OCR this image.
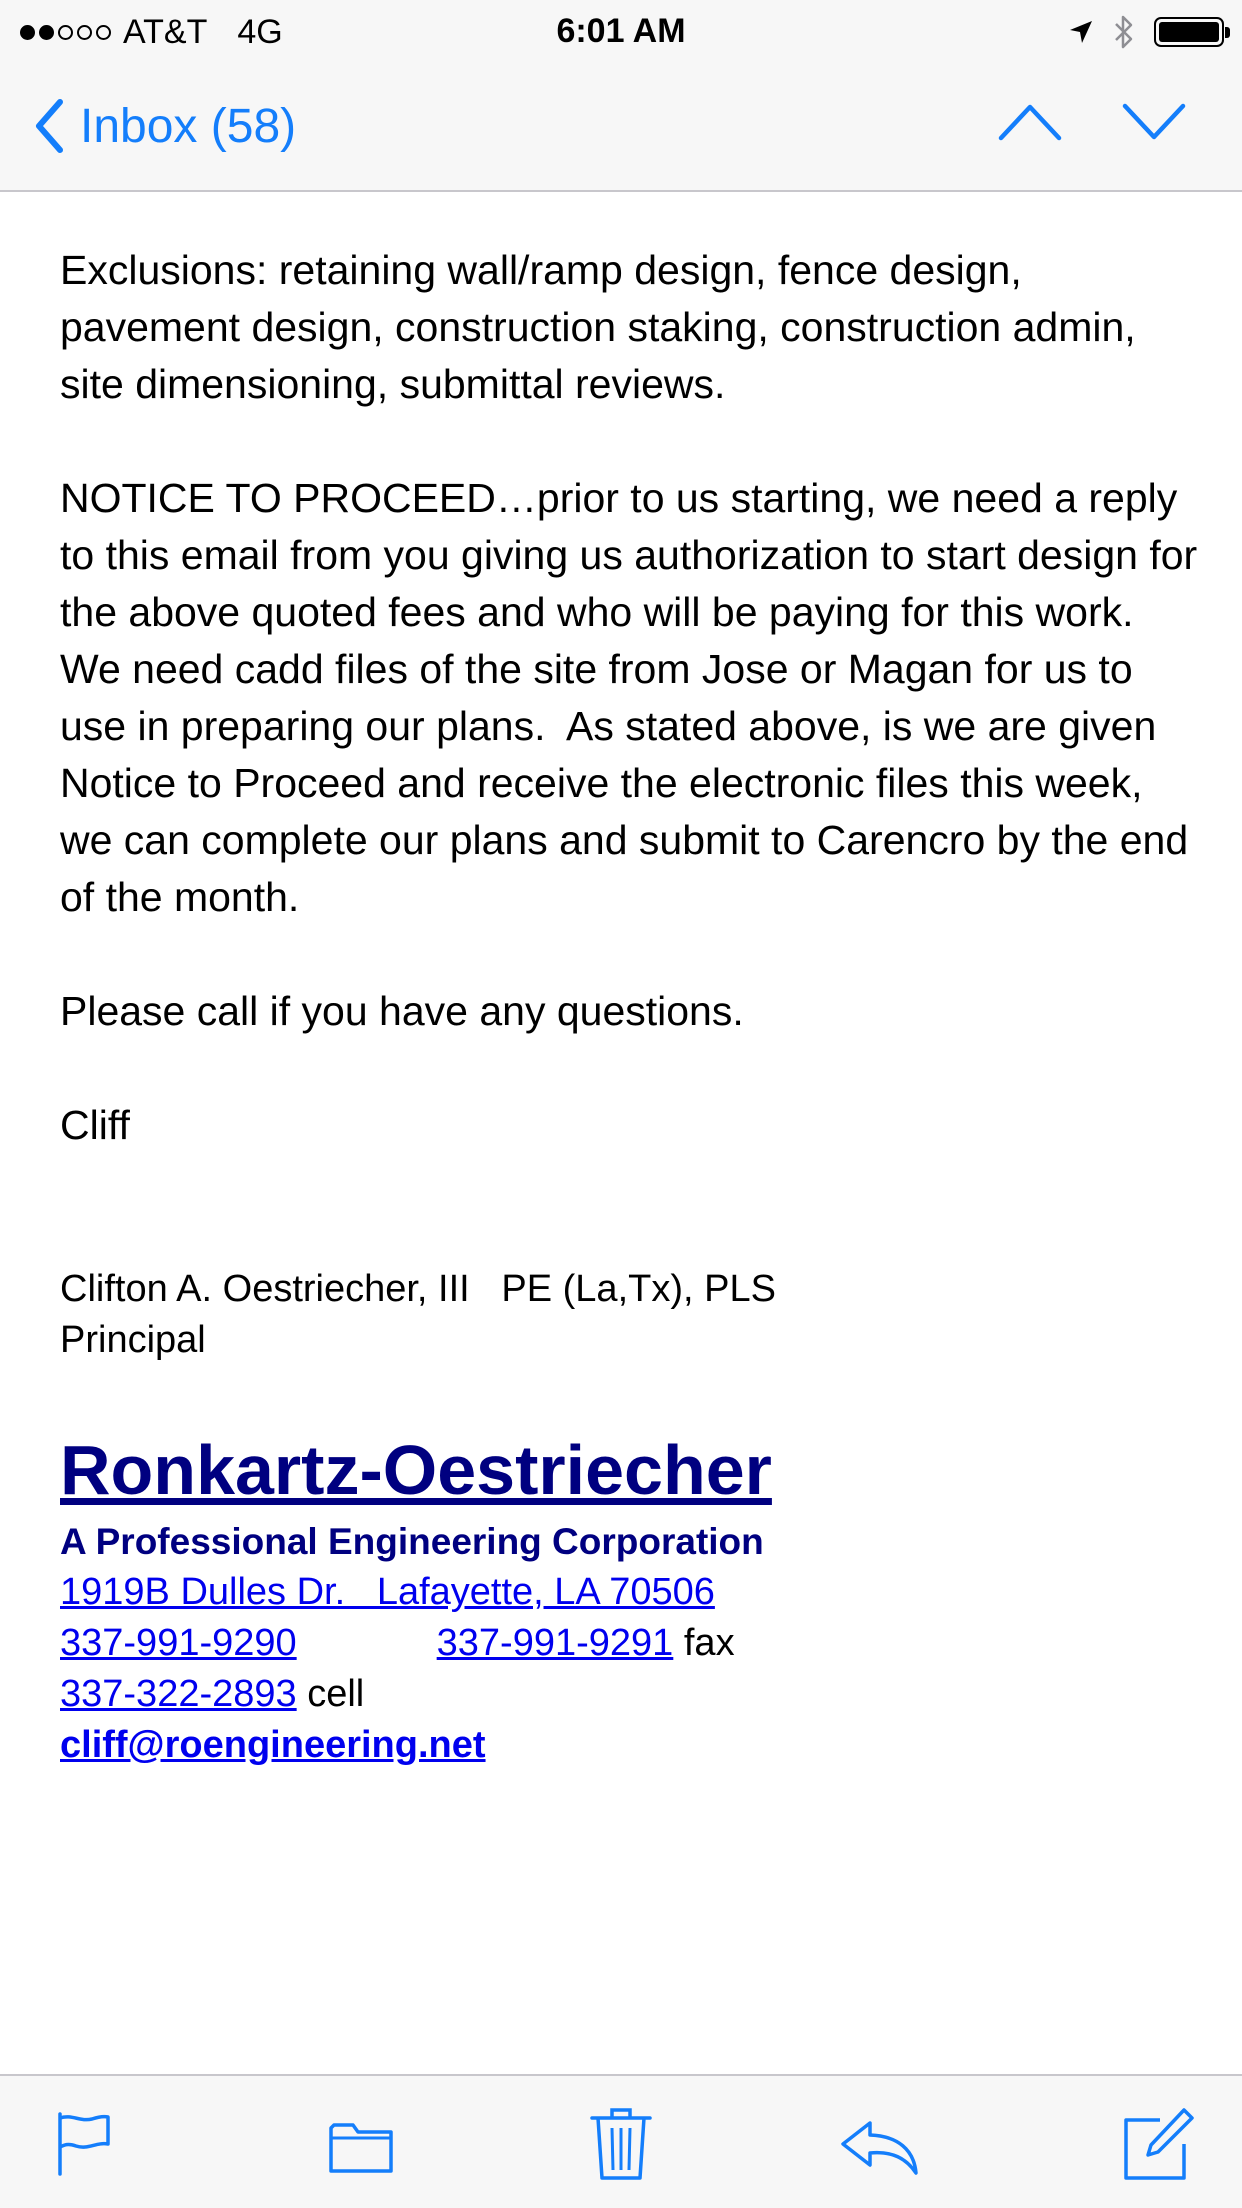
AT&T 4G	6:01 AM
Inbox (58)

Exclusions: retaining wall/ramp design, fence design, pavement design, construction staking, construction admin, site dimensioning, submittal reviews.

NOTICE TO PROCEED…prior to us starting, we need a reply to this email from you giving us authorization to start design for the above quoted fees and who will be paying for this work. We need cadd files of the site from Jose or Magan for us to use in preparing our plans.  As stated above, is we are given Notice to Proceed and receive the electronic files this week, we can complete our plans and submit to Carencro by the end of the month.

Please call if you have any questions.

Cliff

Clifton A. Oestriecher, III   PE (La,Tx), PLS
Principal
Ronkartz-Oestriecher
A Professional Engineering Corporation
1919B Dulles Dr.   Lafayette, LA 70506
337-991-9290	337-991-9291 fax
337-322-2893 cell
cliff@roengineering.net
